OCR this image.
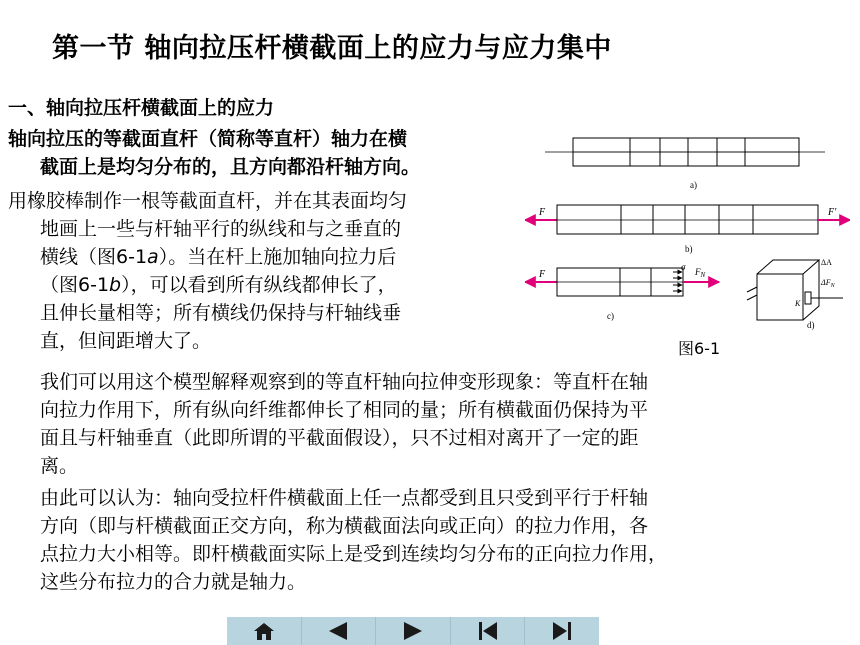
第一节 轴向拉压杆横截面上的应力与应力集中
一、轴向拉压杆横截面上的应力
轴向拉压的等截面直杆（简称等直杆）轴力在横
截面上是均匀分布的，且方向都沿杆轴方向。
用橡胶棒制作一根等截面直杆，并在其表面均匀
地画上一些与杆轴平行的纵线和与之垂直的
横线（图6-1a）。当在杆上施加轴向拉力后
（图6-1b），可以看到所有纵线都伸长了，
且伸长量相等；所有横线仍保持与杆轴线垂
直，但间距增大了。
a)
F	F′
b)
F
σ $F_N$
c)
ΔA
$\Delta F_N$
K
d)
图6-1
我们可以用这个模型解释观察到的等直杆轴向拉伸变形现象：等直杆在轴
向拉力作用下，所有纵向纤维都伸长了相同的量；所有横截面仍保持为平
面且与杆轴垂直（此即所谓的平截面假设），只不过相对离开了一定的距
离。
由此可以认为：轴向受拉杆件横截面上任一点都受到且只受到平行于杆轴
方向（即与杆横截面正交方向，称为横截面法向或正向）的拉力作用，各
点拉力大小相等。即杆横截面实际上是受到连续均匀分布的正向拉力作用，
这些分布拉力的合力就是轴力。
